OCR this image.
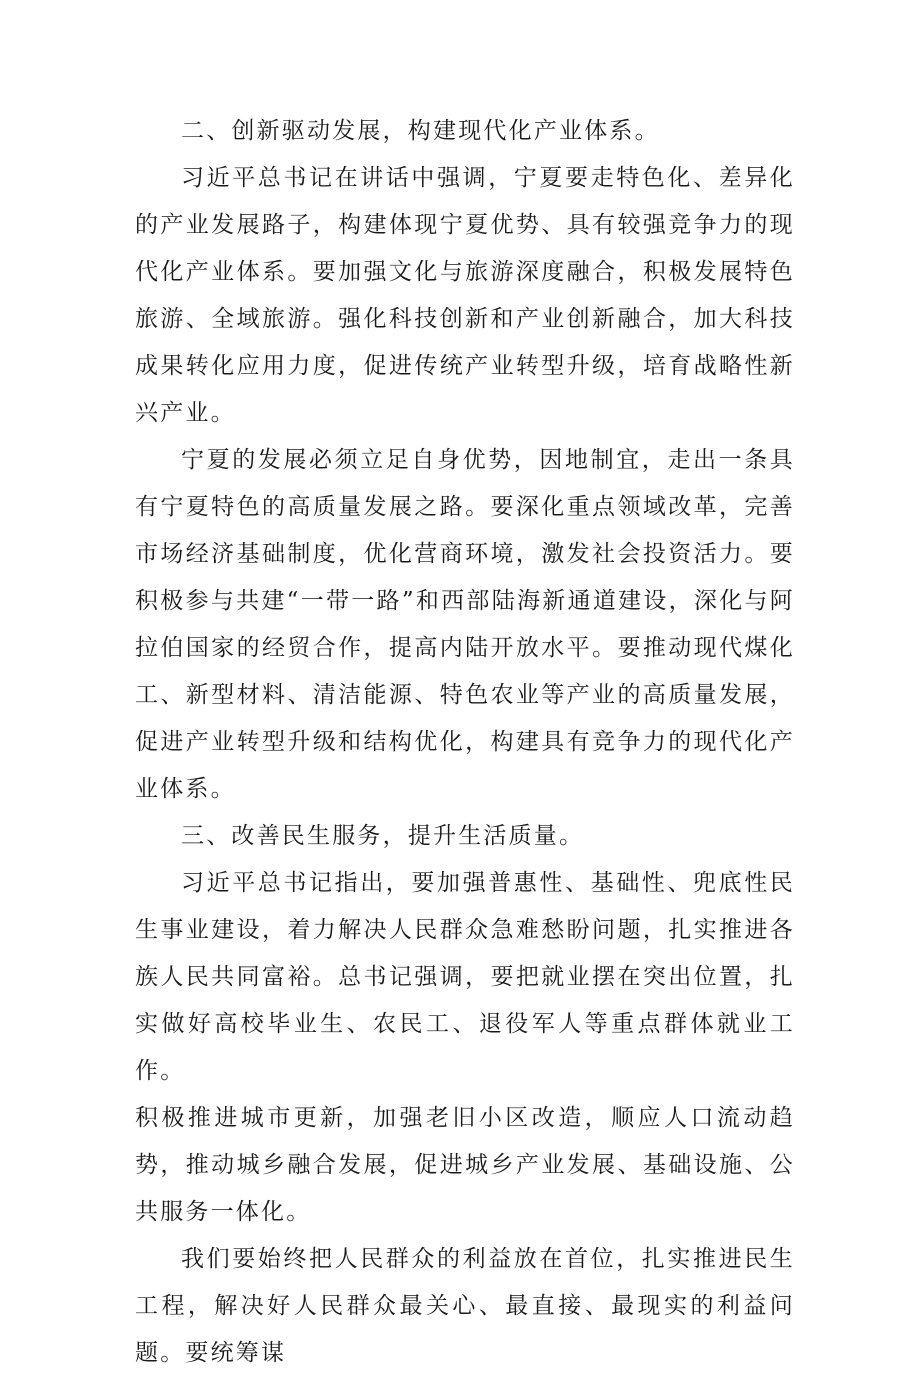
二、创新驱动发展，构建现代化产业体系。

习近平总书记在讲话中强调，宁夏要走特色化、差异化的产业发展路子，构建体现宁夏优势、具有较强竞争力的现代化产业体系。要加强文化与旅游深度融合，积极发展特色旅游、全域旅游。强化科技创新和产业创新融合，加大科技成果转化应用力度，促进传统产业转型升级，培育战略性新兴产业。

宁夏的发展必须立足自身优势，因地制宜，走出一条具有宁夏特色的高质量发展之路。要深化重点领域改革，完善市场经济基础制度，优化营商环境，激发社会投资活力。要积极参与共建“一带一路”和西部陆海新通道建设，深化与阿拉伯国家的经贸合作，提高内陆开放水平。要推动现代煤化工、新型材料、清洁能源、特色农业等产业的高质量发展，促进产业转型升级和结构优化，构建具有竞争力的现代化产业体系。

三、改善民生服务，提升生活质量。

习近平总书记指出，要加强普惠性、基础性、兜底性民生事业建设，着力解决人民群众急难愁盼问题，扎实推进各族人民共同富裕。总书记强调，要把就业摆在突出位置，扎实做好高校毕业生、农民工、退役军人等重点群体就业工作。

积极推进城市更新，加强老旧小区改造，顺应人口流动趋势，推动城乡融合发展，促进城乡产业发展、基础设施、公共服务一体化。

我们要始终把人民群众的利益放在首位，扎实推进民生工程，解决好人民群众最关心、最直接、最现实的利益问题。要统筹谋
